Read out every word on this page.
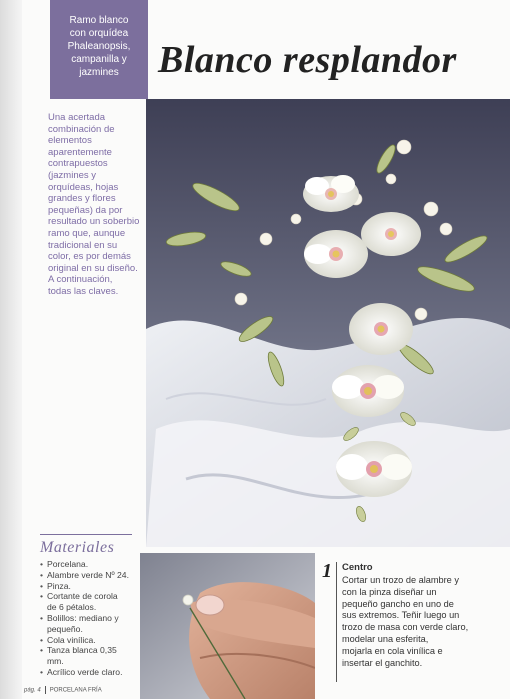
Ramo blanco
con orquídea
Phaleanopsis,
campanilla y
jazmines	Blanco resplandor
Una acertada
combinación de
elementos
aparentemente
contrapuestos
(jazmines y
orquídeas, hojas
grandes y flores
pequeñas) da por
resultado un soberbio
ramo que, aunque
tradicional en su
color, es por demás
original en su diseño.
A continuación,
todas las claves.
Materiales
• Porcelana.
• Alambre verde Nº 24.
• Pinza.
• Cortante de corola
de 6 pétalos.
• Bolillos: mediano y
pequeño.
• Cola vinílica.
• Tanza blanca 0,35 mm.
• Acrílico verde claro.
1 Centro
Cortar un trozo de alambre y
con la pinza diseñar un
pequeño gancho en uno de
sus extremos. Teñir luego un
trozo de masa con verde claro,
modelar una esferita,
mojarla en cola vinílica e
insertar el ganchito.
pág. 4 PORCELANA FRÍA
